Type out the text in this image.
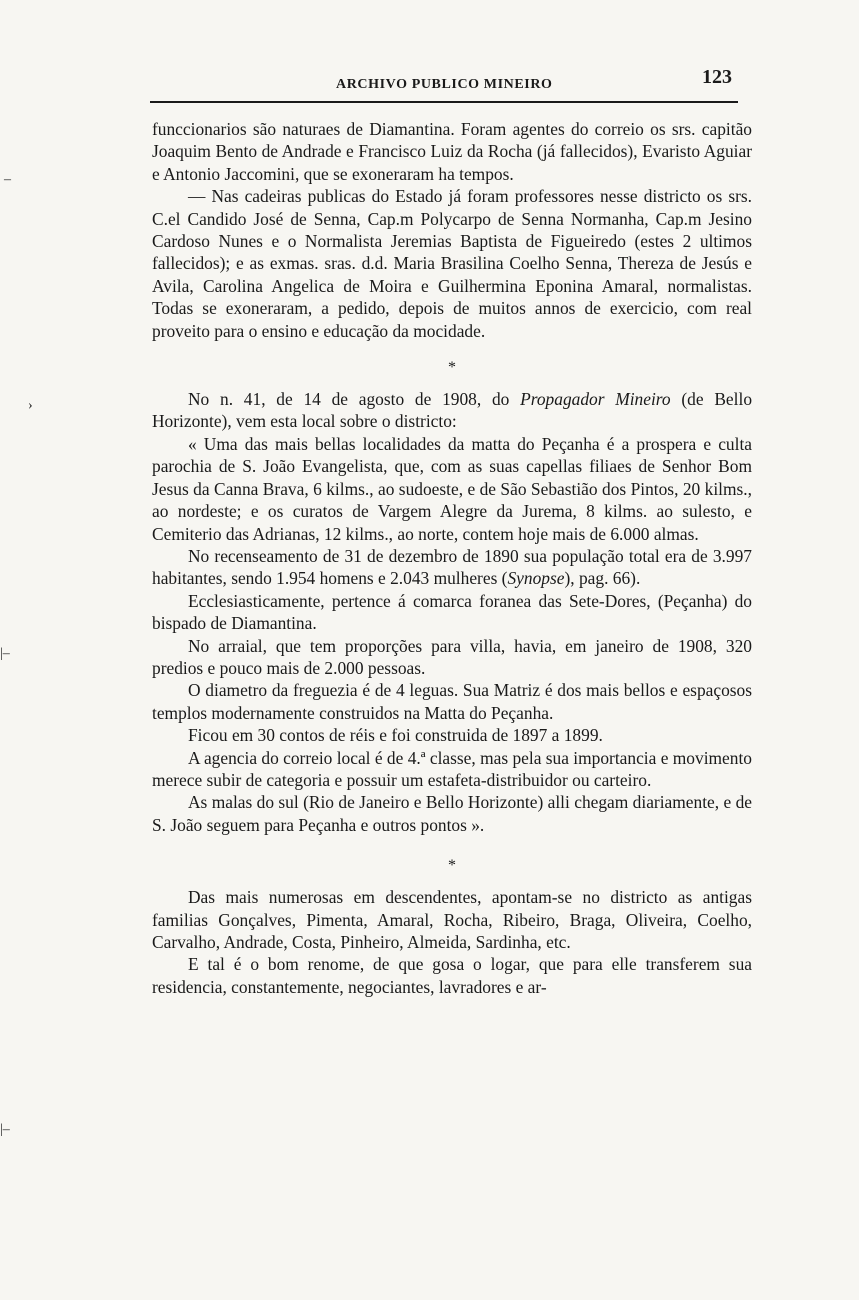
ARCHIVO PUBLICO MINEIRO	123

funccionarios são naturaes de Diamantina. Foram agentes do correio os srs. capitão Joaquim Bento de Andrade e Francisco Luiz da Rocha (já fallecidos), Evaristo Aguiar e Antonio Jaccomini, que se exoneraram ha tempos.

— Nas cadeiras publicas do Estado já foram professores nesse districto os srs. C.el Candido José de Senna, Cap.m Polycarpo de Senna Normanha, Cap.m Jesino Cardoso Nunes e o Normalista Jeremias Baptista de Figueiredo (estes 2 ultimos fallecidos); e as exmas. sras. d.d. Maria Brasilina Coelho Senna, Thereza de Jesús e Avila, Carolina Angelica de Moira e Guilhermina Eponina Amaral, normalistas. Todas se exoneraram, a pedido, depois de muitos annos de exercicio, com real proveito para o ensino e educação da mocidade.

*

No n. 41, de 14 de agosto de 1908, do Propagador Mineiro (de Bello Horizonte), vem esta local sobre o districto:

« Uma das mais bellas localidades da matta do Peçanha é a prospera e culta parochia de S. João Evangelista, que, com as suas capellas filiaes de Senhor Bom Jesus da Canna Brava, 6 kilms., ao sudoeste, e de São Sebastião dos Pintos, 20 kilms., ao nordeste; e os curatos de Vargem Alegre da Jurema, 8 kilms. ao sulesto, e Cemiterio das Adrianas, 12 kilms., ao norte, contem hoje mais de 6.000 almas.

No recenseamento de 31 de dezembro de 1890 sua população total era de 3.997 habitantes, sendo 1.954 homens e 2.043 mulheres (Synopse), pag. 66).

Ecclesiasticamente, pertence á comarca foranea das Sete-Dores, (Peçanha) do bispado de Diamantina.

No arraial, que tem proporções para villa, havia, em janeiro de 1908, 320 predios e pouco mais de 2.000 pessoas.

O diametro da freguezia é de 4 leguas. Sua Matriz é dos mais bellos e espaçosos templos modernamente construidos na Matta do Peçanha.

Ficou em 30 contos de réis e foi construida de 1897 a 1899.

A agencia do correio local é de 4.ª classe, mas pela sua importancia e movimento merece subir de categoria e possuir um estafeta-distribuidor ou carteiro.

As malas do sul (Rio de Janeiro e Bello Horizonte) alli chegam diariamente, e de S. João seguem para Peçanha e outros pontos ».

*

Das mais numerosas em descendentes, apontam-se no districto as antigas familias Gonçalves, Pimenta, Amaral, Rocha, Ribeiro, Braga, Oliveira, Coelho, Carvalho, Andrade, Costa, Pinheiro, Almeida, Sardinha, etc.

E tal é o bom renome, de que gosa o logar, que para elle transferem sua residencia, constantemente, negociantes, lavradores e ar-

–
›
|–
|–
